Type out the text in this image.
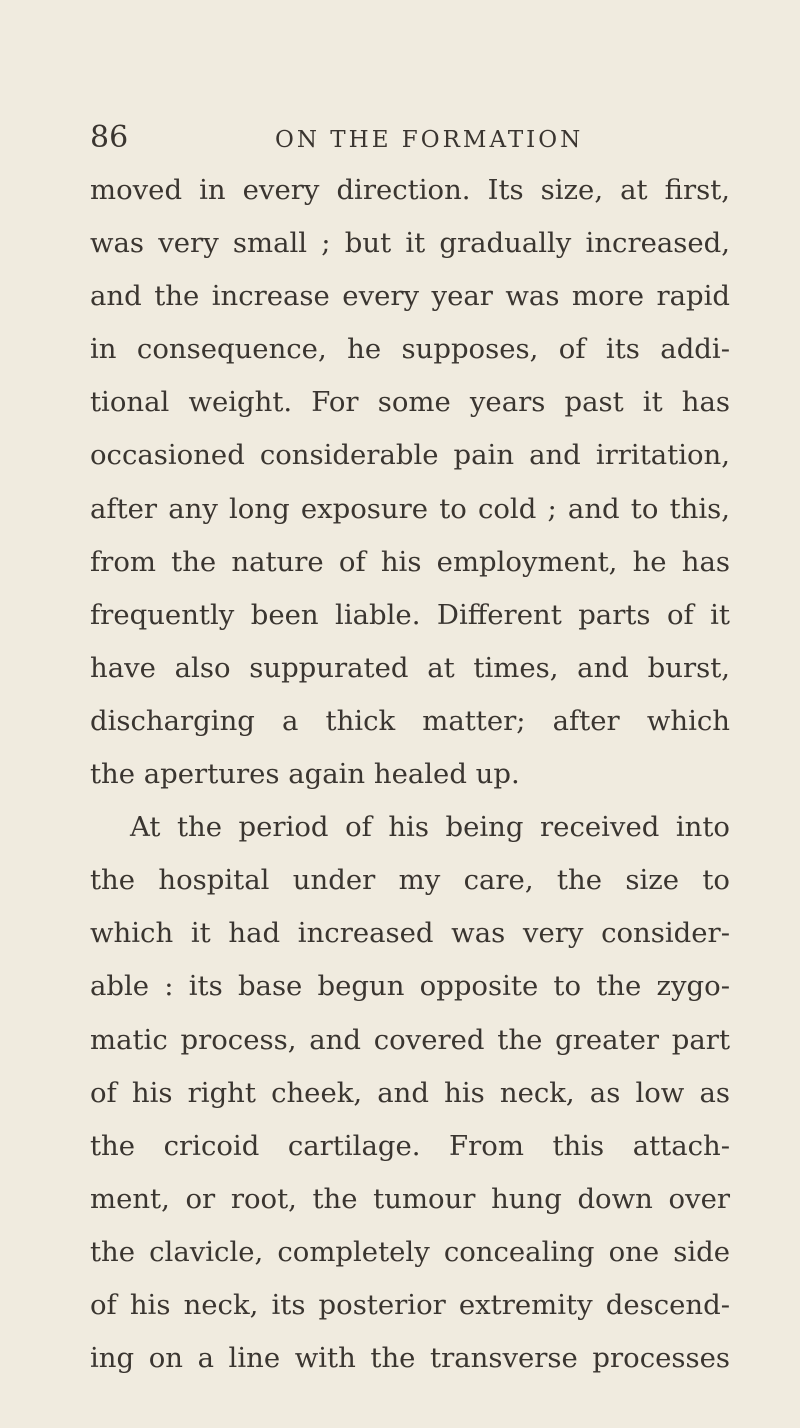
86	ON THE FORMATION
moved in every direction. Its size, at first,
was very small ; but it gradually increased,
and the increase every year was more rapid
in consequence, he supposes, of its addi-
tional weight. For some years past it has
occasioned considerable pain and irritation,
after any long exposure to cold ; and to this,
from the nature of his employment, he has
frequently been liable. Different parts of it
have also suppurated at times, and burst,
discharging a thick matter; after which
the apertures again healed up.
At the period of his being received into
the hospital under my care, the size to
which it had increased was very consider-
able : its base begun opposite to the zygo-
matic process, and covered the greater part
of his right cheek, and his neck, as low as
the cricoid cartilage. From this attach-
ment, or root, the tumour hung down over
the clavicle, completely concealing one side
of his neck, its posterior extremity descend-
ing on a line with the transverse processes
